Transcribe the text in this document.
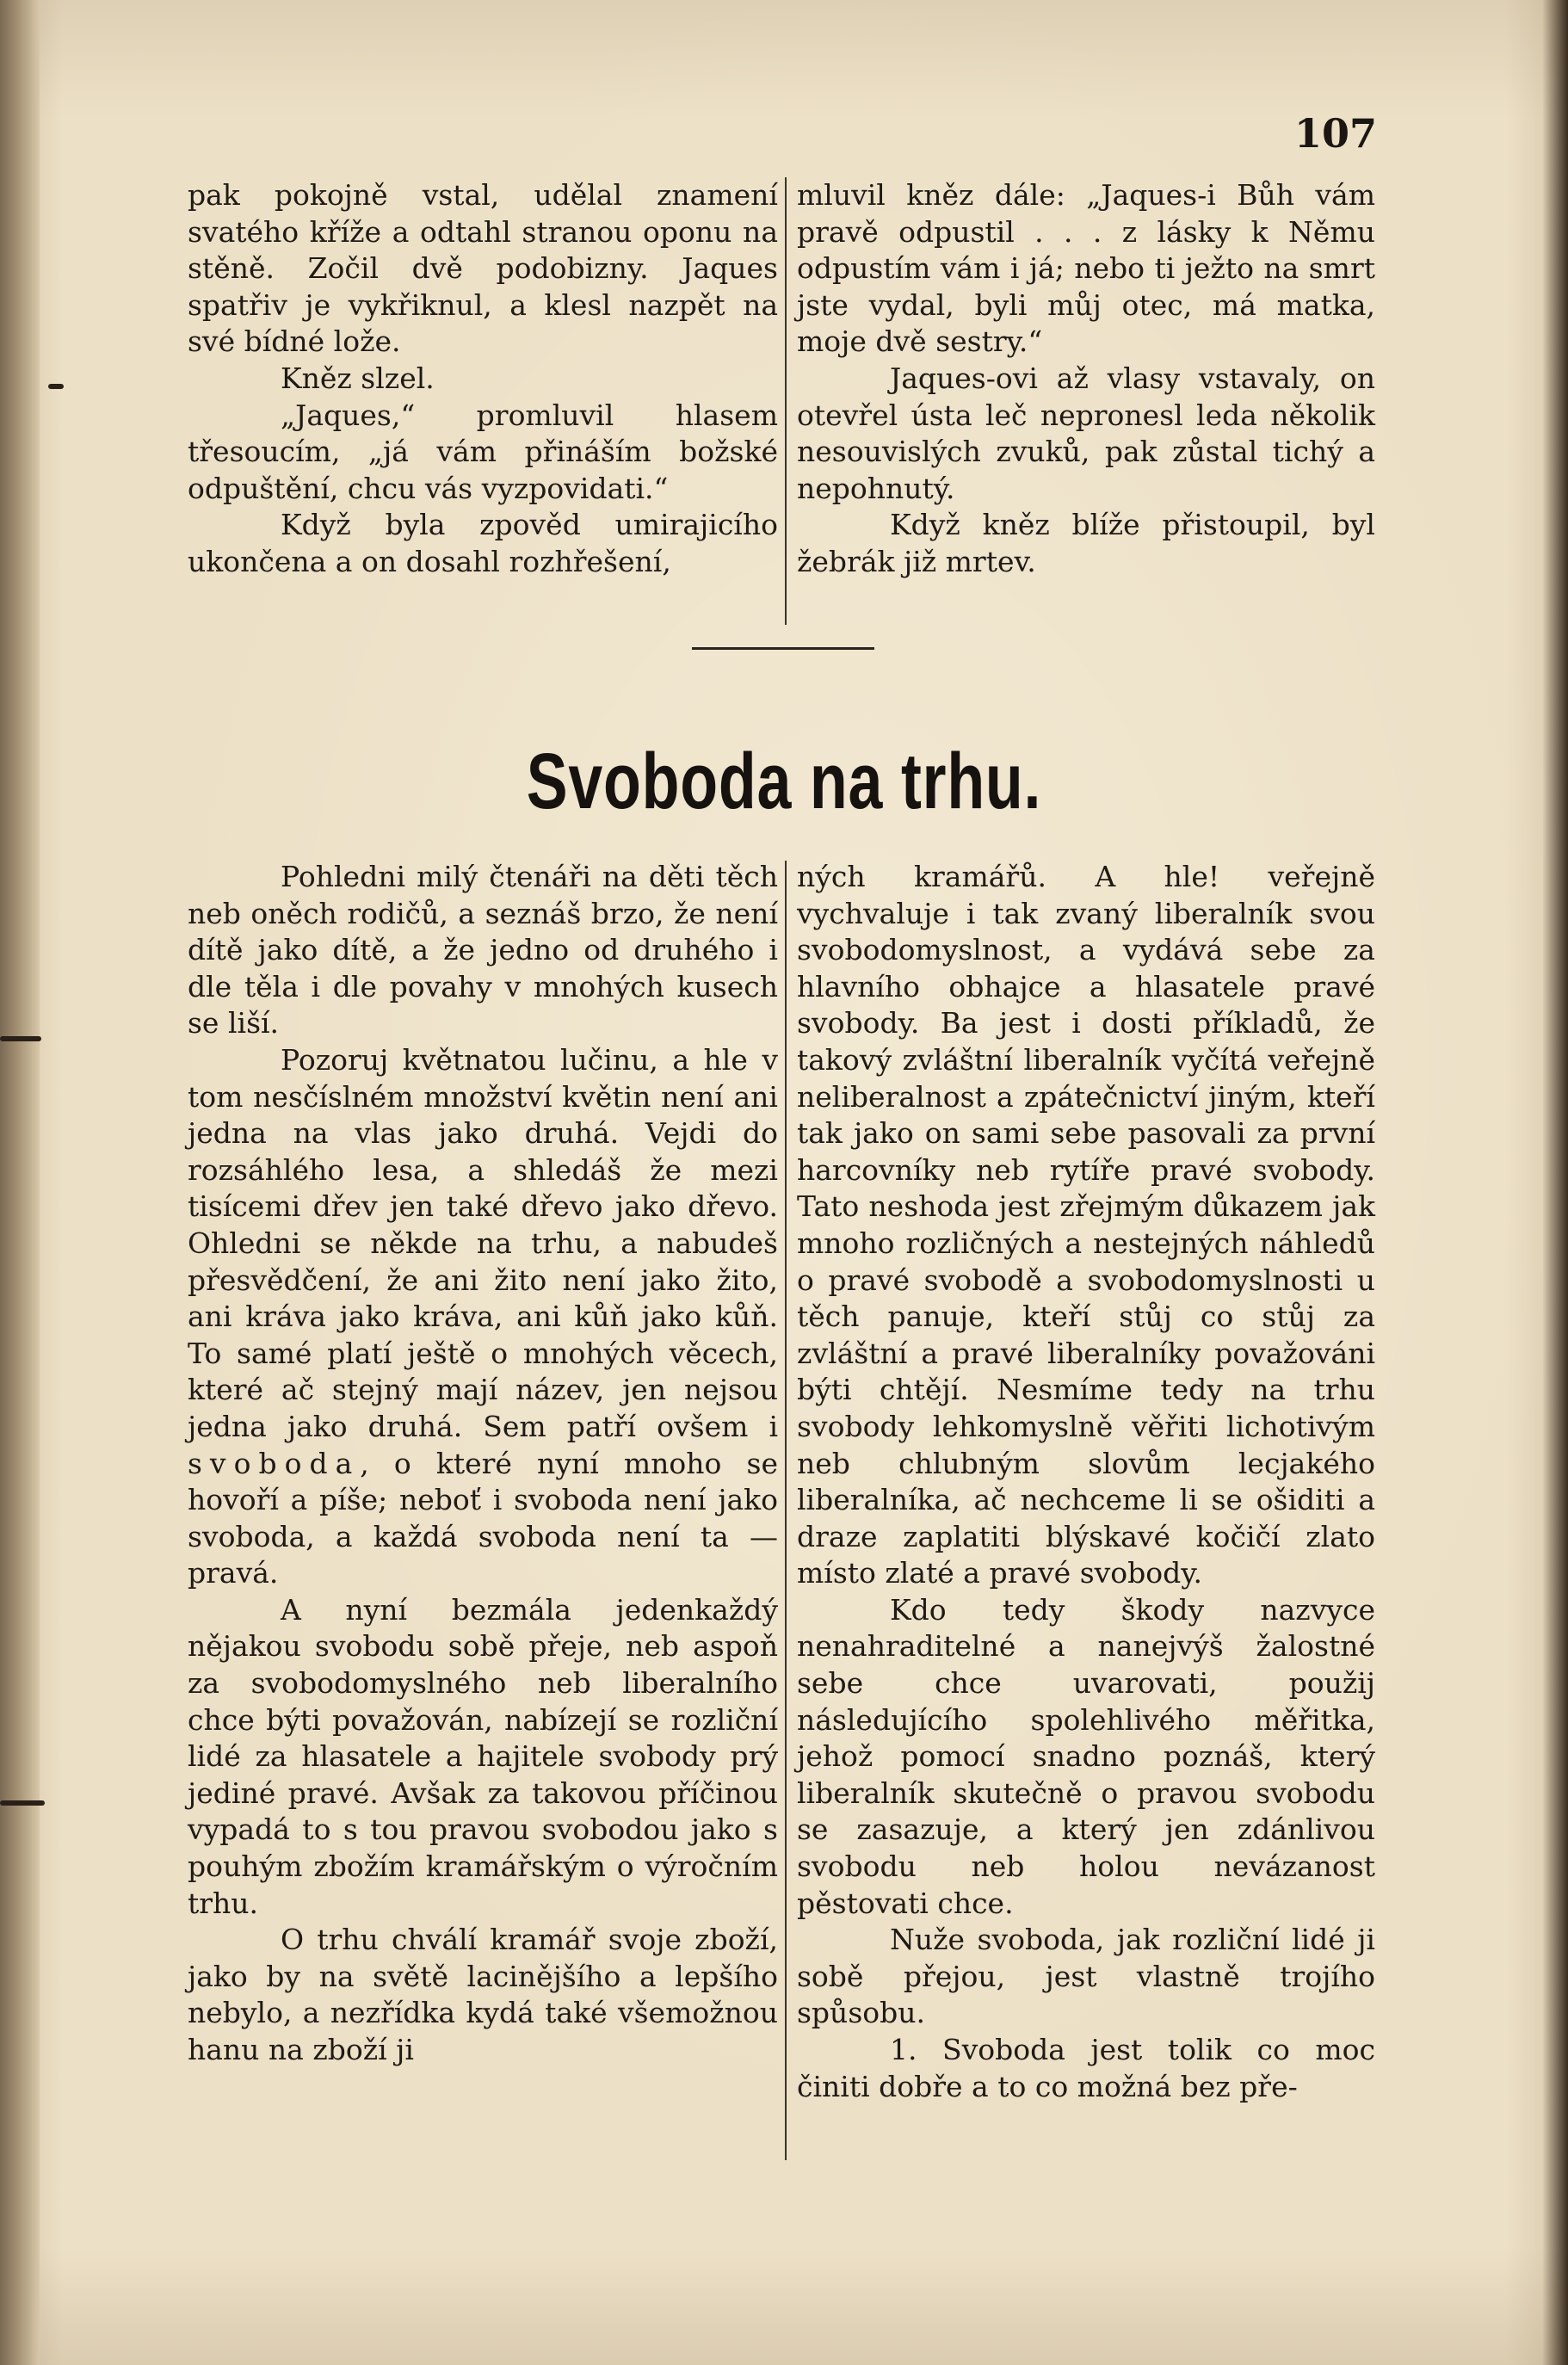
107

pak pokojně vstal, udělal znamení svatého kříže a odtahl stranou oponu na stěně. Zočil dvě podobizny. Jaques spatřiv je vykřiknul, a klesl nazpět na své bídné lože.

Kněz slzel.

„Jaques,“ promluvil hlasem třesoucím, „já vám přináším božské odpuštění, chcu vás vyzpovidati.“

Když byla zpověd umirajicího ukončena a on dosahl rozhřešení,

mluvil kněz dále: „Jaques-i Bůh vám pravě odpustil . . . z lásky k Němu odpustím vám i já; nebo ti ježto na smrt jste vydal, byli můj otec, má matka, moje dvě sestry.“

Jaques-ovi až vlasy vstavaly, on otevřel ústa leč nepronesl leda několik nesouvislých zvuků, pak zůstal tichý a nepohnutý.

Když kněz blíže přistoupil, byl žebrák již mrtev.

Svoboda na trhu.

Pohledni milý čtenáři na děti těch neb oněch rodičů, a seznáš brzo, že není dítě jako dítě, a že jedno od druhého i dle těla i dle povahy v mnohých kusech se liší.

Pozoruj květnatou lučinu, a hle v tom nesčíslném množství květin není ani jedna na vlas jako druhá. Vejdi do rozsáhlého lesa, a shledáš že mezi tisícemi dřev jen také dřevo jako dřevo. Ohledni se někde na trhu, a nabudeš přesvědčení, že ani žito není jako žito, ani kráva jako kráva, ani kůň jako kůň. To samé platí ještě o mnohých věcech, které ač stejný mají název, jen nejsou jedna jako druhá. Sem patří ovšem i svoboda, o které nyní mnoho se hovoří a píše; neboť i svoboda není jako svoboda, a každá svoboda není ta — pravá.

A nyní bezmála jedenkaždý nějakou svobodu sobě přeje, neb aspoň za svobodomyslného neb liberalního chce býti považován, nabízejí se rozliční lidé za hlasatele a hajitele svobody prý jediné pravé. Avšak za takovou příčinou vypadá to s tou pravou svobodou jako s pouhým zbožím kramářským o výročním trhu.

O trhu chválí kramář svoje zboží, jako by na světě lacinějšího a lepšího nebylo, a nezřídka kydá také všemožnou hanu na zboží ji

ných kramářů. A hle! veřejně vychvaluje i tak zvaný liberalník svou svobodomyslnost, a vydává sebe za hlavního obhajce a hlasatele pravé svobody. Ba jest i dosti příkladů, že takový zvláštní liberalník vyčítá veřejně neliberalnost a zpátečnictví jiným, kteří tak jako on sami sebe pasovali za první harcovníky neb rytíře pravé svobody. Tato neshoda jest zřejmým důkazem jak mnoho rozličných a nestejných náhledů o pravé svobodě a svobodomyslnosti u těch panuje, kteří stůj co stůj za zvláštní a pravé liberalníky považováni býti chtějí. Nesmíme tedy na trhu svobody lehkomyslně věřiti lichotivým neb chlubným slovům lecjakého liberalníka, ač nechceme li se ošiditi a draze zaplatiti blýskavé kočičí zlato místo zlaté a pravé svobody.

Kdo tedy škody nazvyce nenahraditelné a nanejvýš žalostné sebe chce uvarovati, použij následujícího spolehlivého měřitka, jehož pomocí snadno poznáš, který liberalník skutečně o pravou svobodu se zasazuje, a který jen zdánlivou svobodu neb holou nevázanost pěstovati chce.

Nuže svoboda, jak rozliční lidé ji sobě přejou, jest vlastně trojího spůsobu.

1. Svoboda jest tolik co moc činiti dobře a to co možná bez pře-
